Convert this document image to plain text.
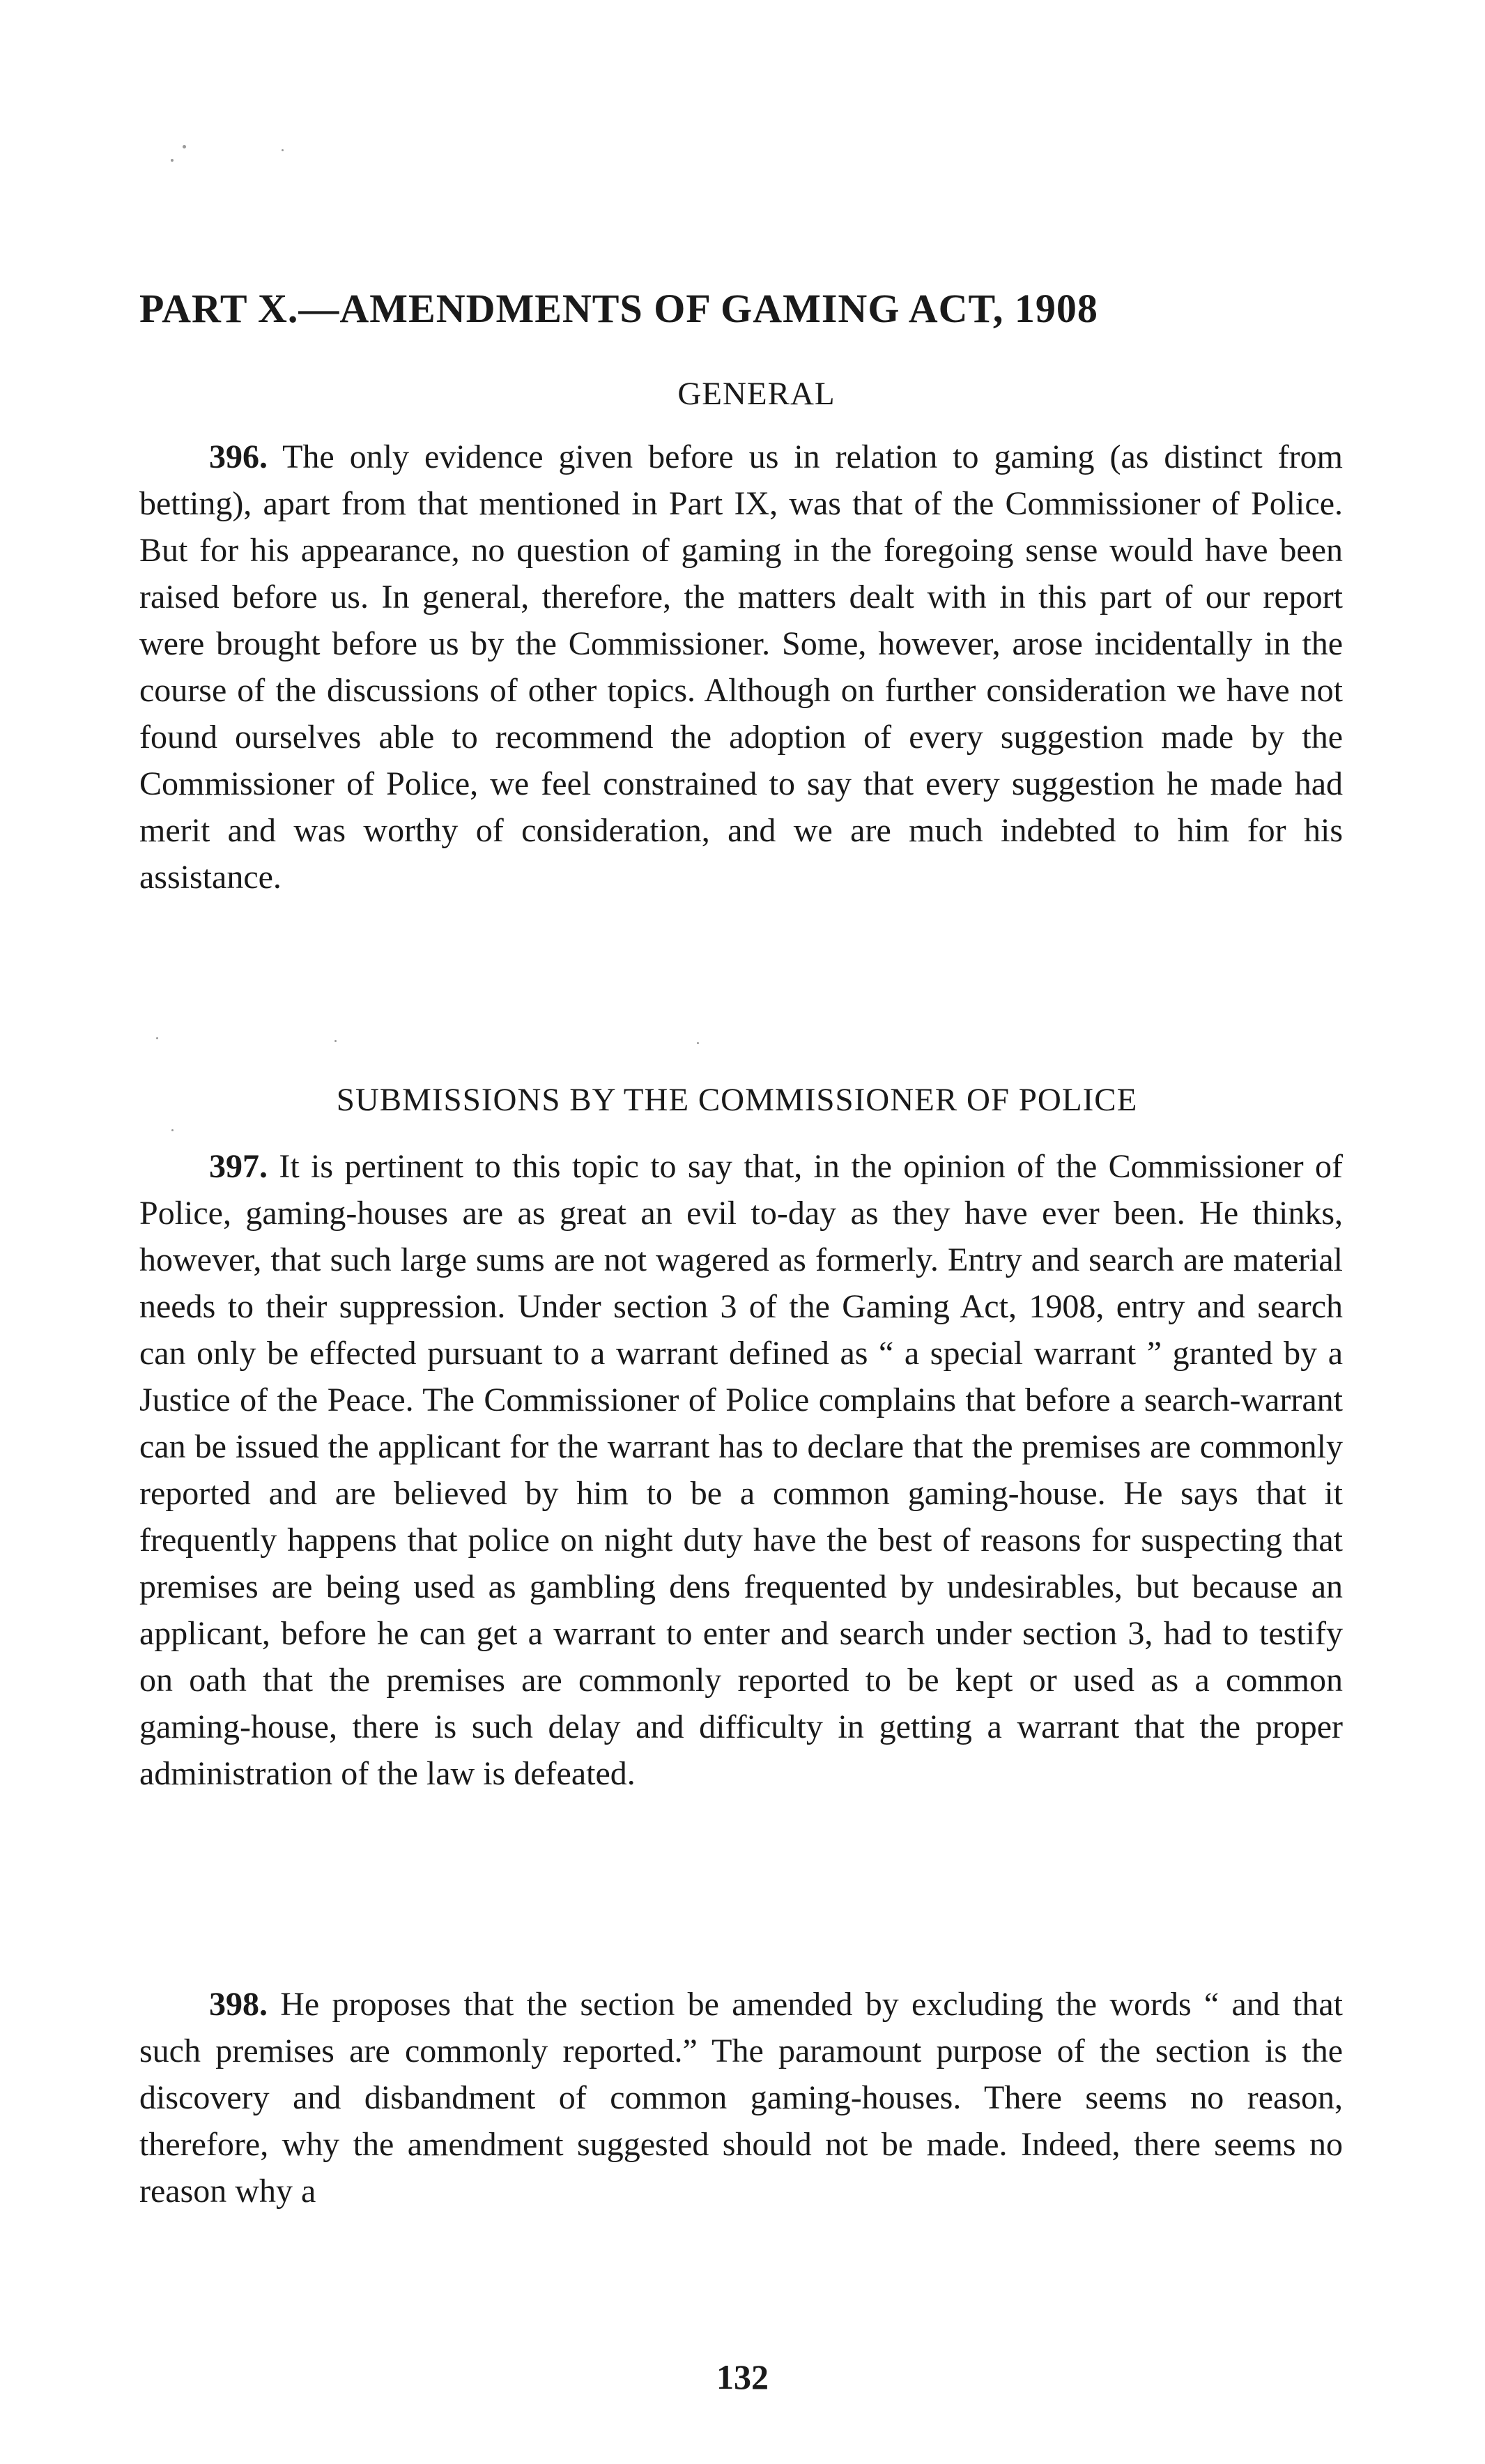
PART X.—AMENDMENTS OF GAMING ACT, 1908
GENERAL

396. The only evidence given before us in relation to gaming (as distinct from betting), apart from that mentioned in Part IX, was that of the Commissioner of Police. But for his appearance, no question of gaming in the foregoing sense would have been raised before us. In general, therefore, the matters dealt with in this part of our report were brought before us by the Commissioner. Some, however, arose incidentally in the course of the discussions of other topics. Although on further consideration we have not found ourselves able to recommend the adoption of every suggestion made by the Commissioner of Police, we feel constrained to say that every suggestion he made had merit and was worthy of consideration, and we are much indebted to him for his assistance.

SUBMISSIONS BY THE COMMISSIONER OF POLICE

397. It is pertinent to this topic to say that, in the opinion of the Commissioner of Police, gaming-houses are as great an evil to-day as they have ever been. He thinks, however, that such large sums are not wagered as formerly. Entry and search are material needs to their suppression. Under section 3 of the Gaming Act, 1908, entry and search can only be effected pursuant to a warrant defined as “ a special warrant ” granted by a Justice of the Peace. The Commissioner of Police complains that before a search-warrant can be issued the applicant for the warrant has to declare that the premises are commonly reported and are believed by him to be a common gaming-house. He says that it frequently happens that police on night duty have the best of reasons for suspecting that premises are being used as gambling dens frequented by undesirables, but because an applicant, before he can get a warrant to enter and search under section 3, had to testify on oath that the premises are commonly reported to be kept or used as a common gaming-house, there is such delay and difficulty in getting a warrant that the proper administration of the law is defeated.

398. He proposes that the section be amended by excluding the words “ and that such premises are commonly reported.” The paramount purpose of the section is the discovery and disbandment of common gaming-houses. There seems no reason, therefore, why the amendment suggested should not be made. Indeed, there seems no reason why a

132
